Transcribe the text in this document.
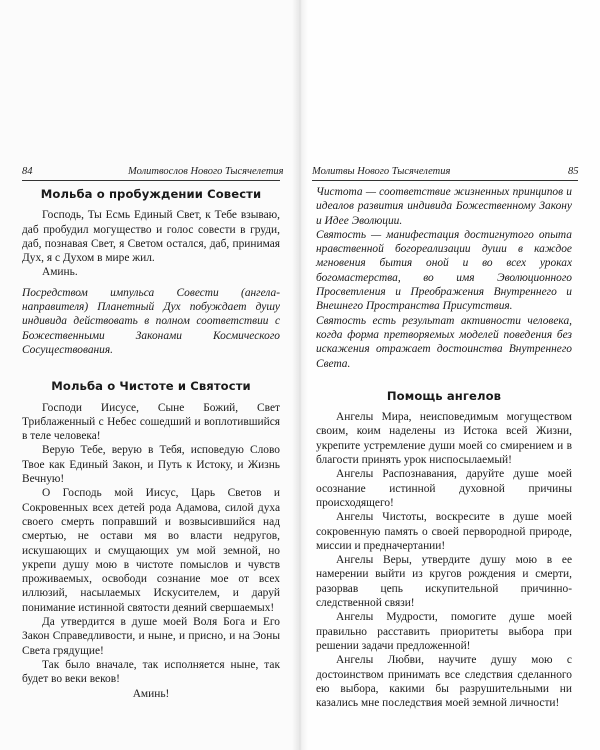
84	Молитвослов Нового Тысячелетия
Мольба о пробуждении Совести

Господь, Ты Есмь Единый Свет, к Тебе взываю, даб пробудил могущество и голос совести в груди, даб, познавая Свет, я Светом остался, даб, принимая Дух, я с Духом в мире жил.

Аминь.

Посредством импульса Совести (ангела-направителя) Планетный Дух побуждает душу индивида действовать в полном соответствии с Божественными Законами Космического Сосуществования.

Мольба о Чистоте и Святости

Господи Иисусе, Сыне Божий, Свет Триблаженный с Небес сошедший и воплотившийся в теле человека!

Верую Тебе, верую в Тебя, исповедую Слово Твое как Единый Закон, и Путь к Истоку, и Жизнь Вечную!

О Господь мой Иисус, Царь Светов и Сокровенных всех детей рода Адамова, силой духа своего смерть поправший и возвысившийся над смертью, не остави мя во власти недругов, искушающих и смущающих ум мой земной, но укрепи душу мою в чистоте помыслов и чувств проживаемых, освободи сознание мое от всех иллюзий, насылаемых Искусителем, и даруй понимание истинной святости деяний свершаемых!

Да утвердится в душе моей Воля Бога и Его Закон Справедливости, и ныне, и присно, и на Эоны Света грядущие!

Так было вначале, так исполняется ныне, так будет во веки веков!

Аминь!

Молитвы Нового Тысячелетия	85

Чистота — соответствие жизненных принципов и идеалов развития индивида Божественному Закону и Идее Эволюции.

Святость — манифестация достигнутого опыта нравственной богореализации души в каждое мгновения бытия оной и во всех уроках богомастерства, во имя Эволюционного Просветления и Преображения Внутреннего и Внешнего Пространства Присутствия.

Святость есть результат активности человека, когда форма претворяемых моделей поведения без искажения отражает достоинства Внутреннего Света.

Помощь ангелов

Ангелы Мира, неисповедимым могуществом своим, коим наделены из Истока всей Жизни, укрепите устремление души моей со смирением и в благости принять урок ниспосылаемый!

Ангелы Распознавания, даруйте душе моей осознание истинной духовной причины происходящего!

Ангелы Чистоты, воскресите в душе моей сокровенную память о своей первородной природе, миссии и предначертании!

Ангелы Веры, утвердите душу мою в ее намерении выйти из кругов рождения и смерти, разорвав цепь искупительной причинно-следственной связи!

Ангелы Мудрости, помогите душе моей правильно расставить приоритеты выбора при решении задачи предложенной!

Ангелы Любви, научите душу мою с достоинством принимать все следствия сделанного ею выбора, какими бы разрушительными ни казались мне последствия моей земной личности!
